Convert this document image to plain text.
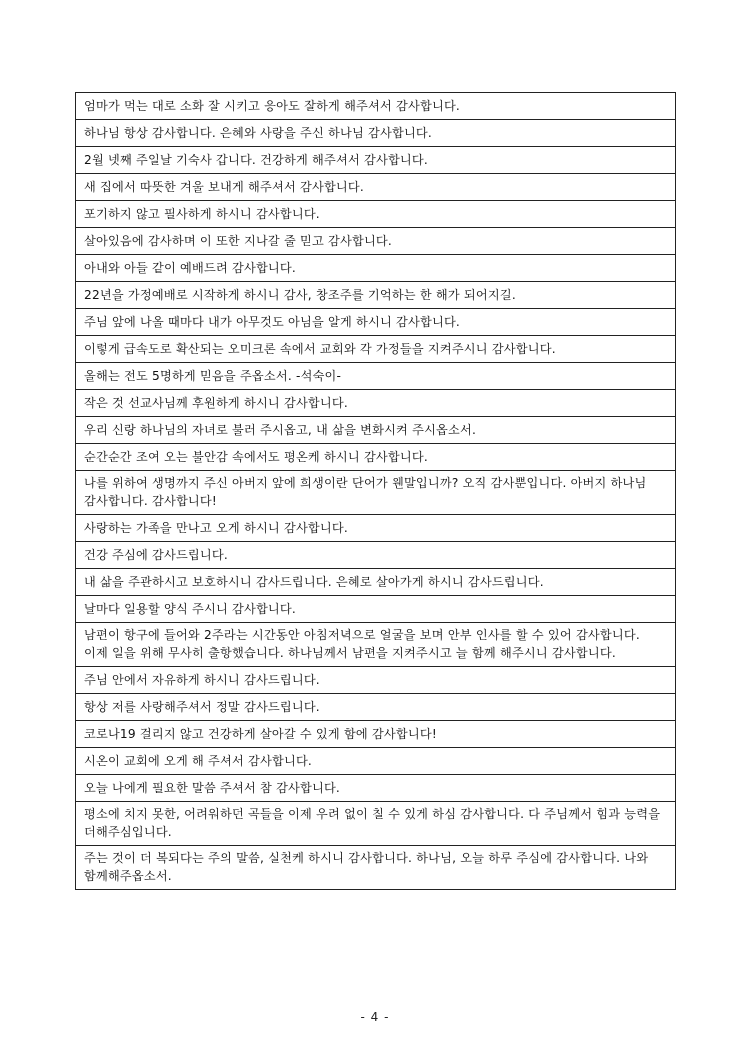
엄마가 먹는 대로 소화 잘 시키고 응아도 잘하게 해주셔서 감사합니다.
하나님 항상 감사합니다. 은혜와 사랑을 주신 하나님 감사합니다.
2월 넷째 주일날 기숙사 갑니다. 건강하게 해주셔서 감사합니다.
새 집에서 따뜻한 겨울 보내게 해주셔서 감사합니다.
포기하지 않고 필사하게 하시니 감사합니다.
살아있음에 감사하며 이 또한 지나갈 줄 믿고 감사합니다.
아내와 아들 같이 예배드려 감사합니다.
22년을 가정예배로 시작하게 하시니 감사, 창조주를 기억하는 한 해가 되어지길.
주님 앞에 나올 때마다 내가 아무것도 아님을 알게 하시니 감사합니다.
이렇게 급속도로 확산되는 오미크론 속에서 교회와 각 가정들을 지켜주시니 감사합니다.
올해는 전도 5명하게 믿음을 주옵소서. -석숙이-
작은 것 선교사님께 후원하게 하시니 감사합니다.
우리 신랑 하나님의 자녀로 불러 주시옵고, 내 삶을 변화시켜 주시옵소서.
순간순간 조여 오는 불안감 속에서도 평온케 하시니 감사합니다.
나를 위하여 생명까지 주신 아버지 앞에 희생이란 단어가 웬말입니까? 오직 감사뿐입니다. 아버지 하나님 감사합니다. 감사합니다!
사랑하는 가족을 만나고 오게 하시니 감사합니다.
건강 주심에 감사드립니다.
내 삶을 주관하시고 보호하시니 감사드립니다. 은혜로 살아가게 하시니 감사드립니다.
날마다 일용할 양식 주시니 감사합니다.
남편이 항구에 들어와 2주라는 시간동안 아침저녁으로 얼굴을 보며 안부 인사를 할 수 있어 감사합니다. 이제 일을 위해 무사히 출항했습니다. 하나님께서 남편을 지켜주시고 늘 함께 해주시니 감사합니다.
주님 안에서 자유하게 하시니 감사드립니다.
항상 저를 사랑해주셔서 정말 감사드립니다.
코로나19 걸리지 않고 건강하게 살아갈 수 있게 함에 감사합니다!
시온이 교회에 오게 해 주셔서 감사합니다.
오늘 나에게 필요한 말씀 주셔서 참 감사합니다.
평소에 치지 못한, 어려워하던 곡들을 이제 우려 없이 칠 수 있게 하심 감사합니다. 다 주님께서 힘과 능력을 더해주심입니다.
주는 것이 더 복되다는 주의 말씀, 실천케 하시니 감사합니다. 하나님, 오늘 하루 주심에 감사합니다. 나와 함께해주옵소서.
- 4 -
